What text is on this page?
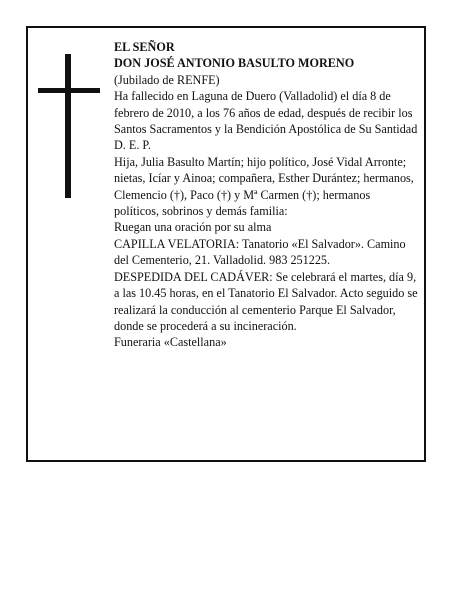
EL SEÑOR

DON JOSÉ ANTONIO BASULTO MORENO

(Jubilado de RENFE)

Ha fallecido en Laguna de Duero (Valladolid) el día 8 de febrero de 2010, a los 76 años de edad, después de recibir los Santos Sacramentos y la Bendición Apostólica de Su Santidad

D. E. P.

Hija, Julia Basulto Martín; hijo político, José Vidal Arronte; nietas, Icíar y Ainoa; compañera, Esther Durántez; hermanos, Clemencio (†), Paco (†) y Mª Carmen (†); hermanos políticos, sobrinos y demás familia:

Ruegan una oración por su alma

CAPILLA VELATORIA: Tanatorio «El Salvador». Camino del Cementerio, 21. Valladolid. 983 251225.

DESPEDIDA DEL CADÁVER: Se celebrará el martes, día 9, a las 10.45 horas, en el Tanatorio El Salvador. Acto seguido se realizará la conducción al cementerio Parque El Salvador, donde se procederá a su incineración.

Funeraria «Castellana»
